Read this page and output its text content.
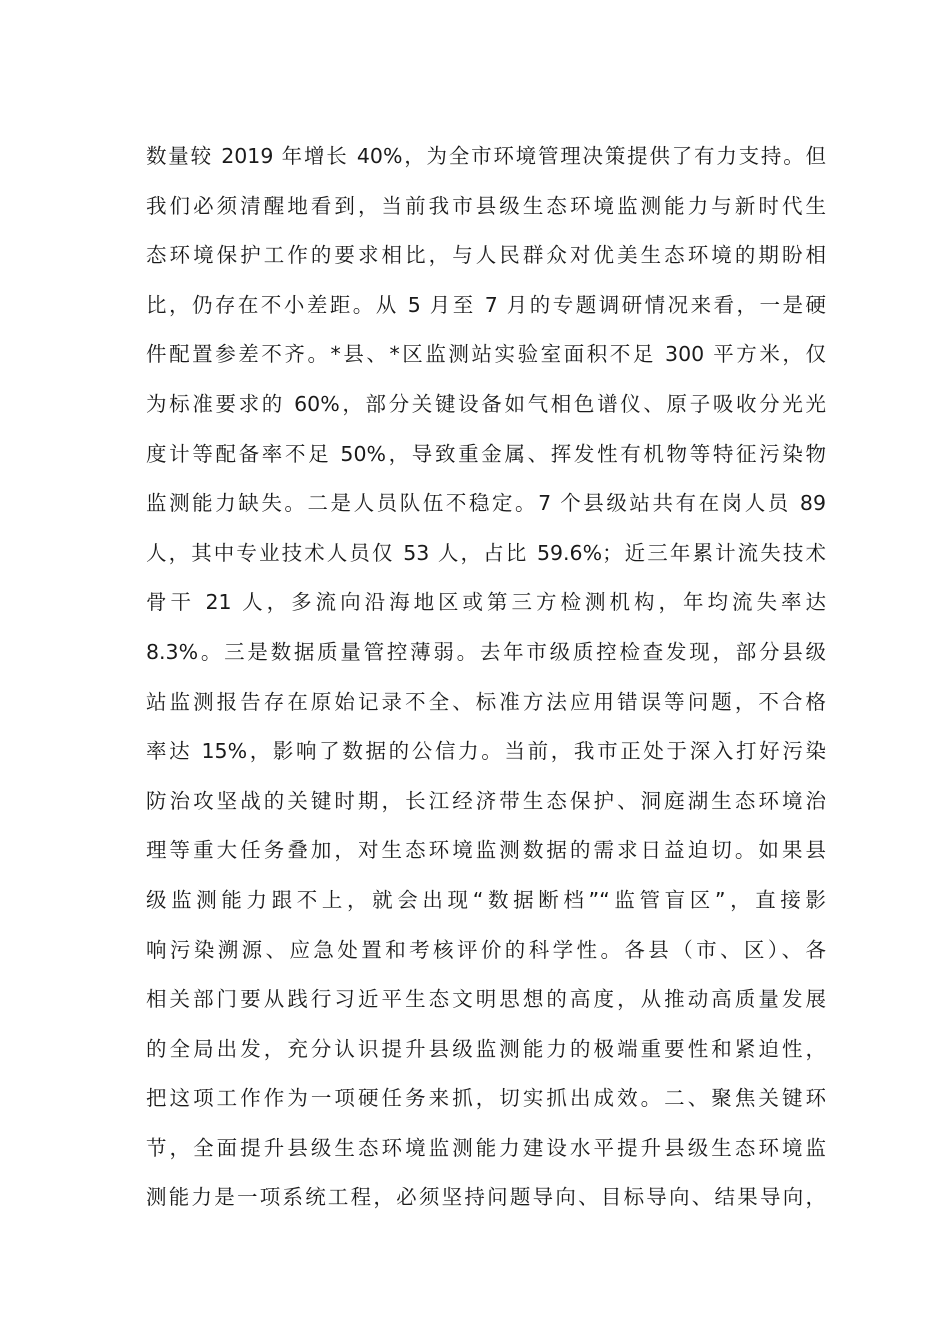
数量较 2019 年增长 40%，为全市环境管理决策提供了有力支持。但
我们必须清醒地看到，当前我市县级生态环境监测能力与新时代生
态环境保护工作的要求相比，与人民群众对优美生态环境的期盼相
比，仍存在不小差距。从 5 月至 7 月的专题调研情况来看，一是硬
件配置参差不齐。*县、*区监测站实验室面积不足 300 平方米，仅
为标准要求的 60%，部分关键设备如气相色谱仪、原子吸收分光光
度计等配备率不足 50%，导致重金属、挥发性有机物等特征污染物
监测能力缺失。二是人员队伍不稳定。7 个县级站共有在岗人员 89
人，其中专业技术人员仅 53 人，占比 59.6%；近三年累计流失技术
骨干 21 人，多流向沿海地区或第三方检测机构，年均流失率达
8.3%。三是数据质量管控薄弱。去年市级质控检查发现，部分县级
站监测报告存在原始记录不全、标准方法应用错误等问题，不合格
率达 15%，影响了数据的公信力。当前，我市正处于深入打好污染
防治攻坚战的关键时期，长江经济带生态保护、洞庭湖生态环境治
理等重大任务叠加，对生态环境监测数据的需求日益迫切。如果县
级监测能力跟不上，就会出现“数据断档”“监管盲区”，直接影
响污染溯源、应急处置和考核评价的科学性。各县（市、区）、各
相关部门要从践行习近平生态文明思想的高度，从推动高质量发展
的全局出发，充分认识提升县级监测能力的极端重要性和紧迫性，
把这项工作作为一项硬任务来抓，切实抓出成效。二、聚焦关键环
节，全面提升县级生态环境监测能力建设水平提升县级生态环境监
测能力是一项系统工程，必须坚持问题导向、目标导向、结果导向，
